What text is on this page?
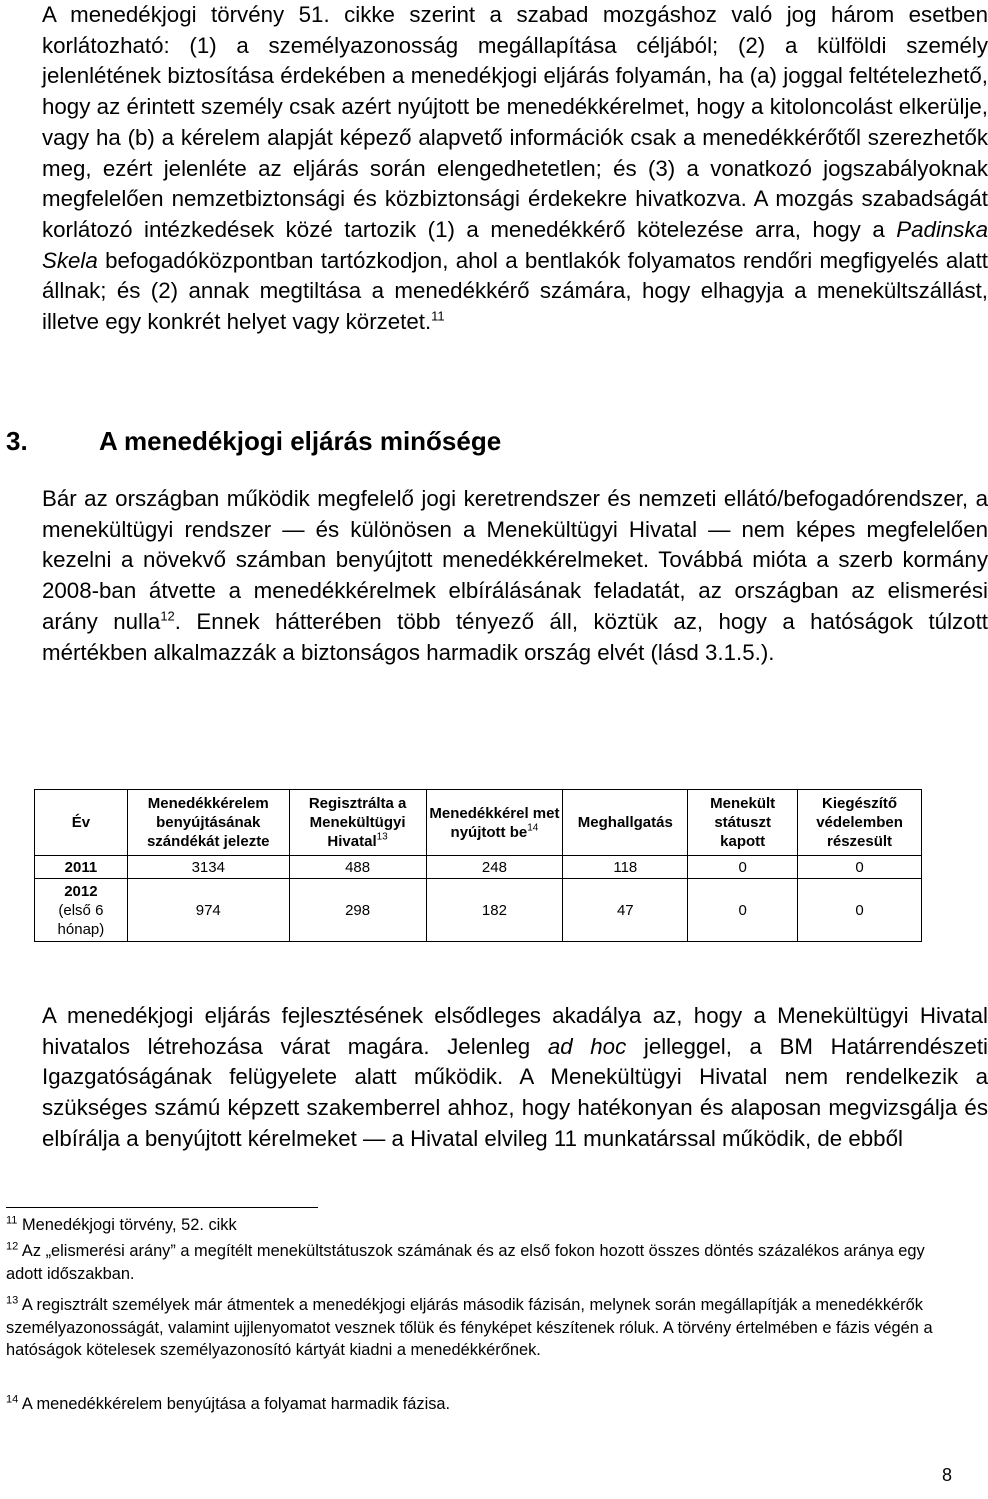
A menedékjogi törvény 51. cikke szerint a szabad mozgáshoz való jog három esetben korlátozható: (1) a személyazonosság megállapítása céljából; (2) a külföldi személy jelenlétének biztosítása érdekében a menedékjogi eljárás folyamán, ha (a) joggal feltételezhető, hogy az érintett személy csak azért nyújtott be menedékkérelmet, hogy a kitoloncolást elkerülje, vagy ha (b) a kérelem alapját képező alapvető információk csak a menedékkérőtől szerezhetők meg, ezért jelenléte az eljárás során elengedhetetlen; és (3) a vonatkozó jogszabályoknak megfelelően nemzetbiztonsági és közbiztonsági érdekekre hivatkozva. A mozgás szabadságát korlátozó intézkedések közé tartozik (1) a menedékkérő kötelezése arra, hogy a Padinska Skela befogadóközpontban tartózkodjon, ahol a bentlakók folyamatos rendőri megfigyelés alatt állnak; és (2) annak megtiltása a menedékkérő számára, hogy elhagyja a menekültszállást, illetve egy konkrét helyet vagy körzetet.$^{11}$
3.	A menedékjogi eljárás minősége
Bár az országban működik megfelelő jogi keretrendszer és nemzeti ellátó/befogadórendszer, a menekültügyi rendszer — és különösen a Menekültügyi Hivatal — nem képes megfelelően kezelni a növekvő számban benyújtott menedékkérelmeket. Továbbá mióta a szerb kormány 2008-ban átvette a menedékkérelmek elbírálásának feladatát, az országban az elismerési arány nulla$^{12}$. Ennek hátterében több tényező áll, köztük az, hogy a hatóságok túlzott mértékben alkalmazzák a biztonságos harmadik ország elvét (lásd 3.1.5.).
Év	Menedékkérelem benyújtásának szándékát jelezte	Regisztrálta a Menekültügyi Hivatal$^{13}$	Menedékkérel met nyújtott $be^{14}$	Meghallgatás	Menekült státuszt kapott	Kiegészítő védelemben részesült
2011	3134	488	248	118	0	0
2012
(első 6 hónap)	974	298	182	47	0	0
A menedékjogi eljárás fejlesztésének elsődleges akadálya az, hogy a Menekültügyi Hivatal hivatalos létrehozása várat magára. Jelenleg ad hoc jelleggel, a BM Határrendészeti Igazgatóságának felügyelete alatt működik. A Menekültügyi Hivatal nem rendelkezik a szükséges számú képzett szakemberrel ahhoz, hogy hatékonyan és alaposan megvizsgálja és elbírálja a benyújtott kérelmeket — a Hivatal elvileg 11 munkatárssal működik, de ebből
$^{11}$ Menedékjogi törvény, 52. cikk
$^{12}$ Az „elismerési arány” a megítélt menekültstátuszok számának és az első fokon hozott összes döntés százalékos aránya egy adott időszakban.
$^{13}$ A regisztrált személyek már átmentek a menedékjogi eljárás második fázisán, melynek során megállapítják a menedékkérők személyazonosságát, valamint ujjlenyomatot vesznek tőlük és fényképet készítenek róluk. A törvény értelmében e fázis végén a hatóságok kötelesek személyazonosító kártyát kiadni a menedékkérőnek.
$^{14}$ A menedékkérelem benyújtása a folyamat harmadik fázisa.
8
